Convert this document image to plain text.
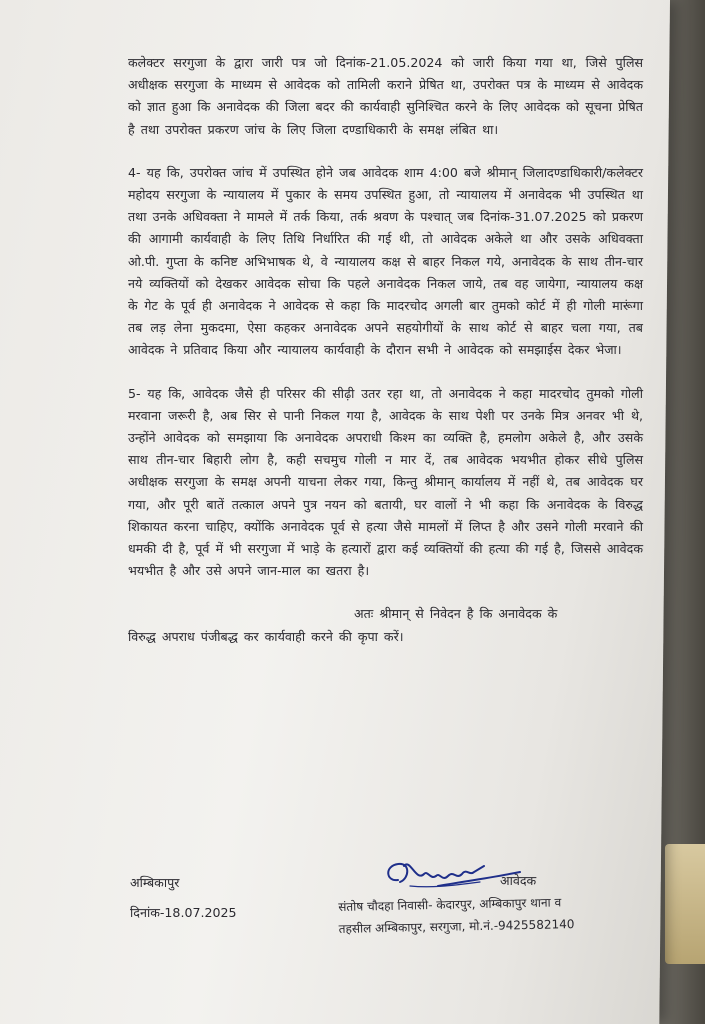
कलेक्टर सरगुजा के द्वारा जारी पत्र जो दिनांक-21.05.2024 को जारी किया गया था, जिसे पुलिस अधीक्षक सरगुजा के माध्यम से आवेदक को तामिली कराने प्रेषित था, उपरोक्त पत्र के माध्यम से आवेदक को ज्ञात हुआ कि अनावेदक की जिला बदर की कार्यवाही सुनिश्चित करने के लिए आवेदक को सूचना प्रेषित है तथा उपरोक्त प्रकरण जांच के लिए जिला दण्डाधिकारी के समक्ष लंबित था।

4- यह कि, उपरोक्त जांच में उपस्थित होने जब आवेदक शाम 4:00 बजे श्रीमान् जिलादण्डाधिकारी/कलेक्टर महोदय सरगुजा के न्यायालय में पुकार के समय उपस्थित हुआ, तो न्यायालय में अनावेदक भी उपस्थित था तथा उनके अधिवक्ता ने मामले में तर्क किया, तर्क श्रवण के पश्चात् जब दिनांक-31.07.2025 को प्रकरण की आगामी कार्यवाही के लिए तिथि निर्धारित की गई थी, तो आवेदक अकेले था और उसके अधिवक्ता ओ.पी. गुप्ता के कनिष्ट अभिभाषक थे, वे न्यायालय कक्ष से बाहर निकल गये, अनावेदक के साथ तीन-चार नये व्यक्तियों को देखकर आवेदक सोचा कि पहले अनावेदक निकल जाये, तब वह जायेगा, न्यायालय कक्ष के गेट के पूर्व ही अनावेदक ने आवेदक से कहा कि मादरचोद अगली बार तुमको कोर्ट में ही गोली मारूंगा तब लड़ लेना मुकदमा, ऐसा कहकर अनावेदक अपने सहयोगीयों के साथ कोर्ट से बाहर चला गया, तब आवेदक ने प्रतिवाद किया और न्यायालय कार्यवाही के दौरान सभी ने आवेदक को समझाईस देकर भेजा।

5- यह कि, आवेदक जैसे ही परिसर की सीढ़ी उतर रहा था, तो अनावेदक ने कहा मादरचोद तुमको गोली मरवाना जरूरी है, अब सिर से पानी निकल गया है, आवेदक के साथ पेशी पर उनके मित्र अनवर भी थे, उन्होंने आवेदक को समझाया कि अनावेदक अपराधी किश्म का व्यक्ति है, हमलोग अकेले है, और उसके साथ तीन-चार बिहारी लोग है, कही सचमुच गोली न मार दें, तब आवेदक भयभीत होकर सीधे पुलिस अधीक्षक सरगुजा के समक्ष अपनी याचना लेकर गया, किन्तु श्रीमान् कार्यालय में नहीं थे, तब आवेदक घर गया, और पूरी बातें तत्काल अपने पुत्र नयन को बतायी, घर वालों ने भी कहा कि अनावेदक के विरुद्ध शिकायत करना चाहिए, क्योंकि अनावेदक पूर्व से हत्या जैसे मामलों में लिप्त है और उसने गोली मरवाने की धमकी दी है, पूर्व में भी सरगुजा में भाड़े के हत्यारों द्वारा कई व्यक्तियों की हत्या की गई है, जिससे आवेदक भयभीत है और उसे अपने जान-माल का खतरा है।

अतः श्रीमान् से निवेदन है कि अनावेदक के
विरुद्ध अपराध पंजीबद्ध कर कार्यवाही करने की कृपा करें।
अम्बिकापुर
दिनांक-18.07.2025
आवेदक
संतोष चौदहा निवासी- केदारपुर, अम्बिकापुर थाना व
तहसील अम्बिकापुर, सरगुजा, मो.नं.-9425582140
